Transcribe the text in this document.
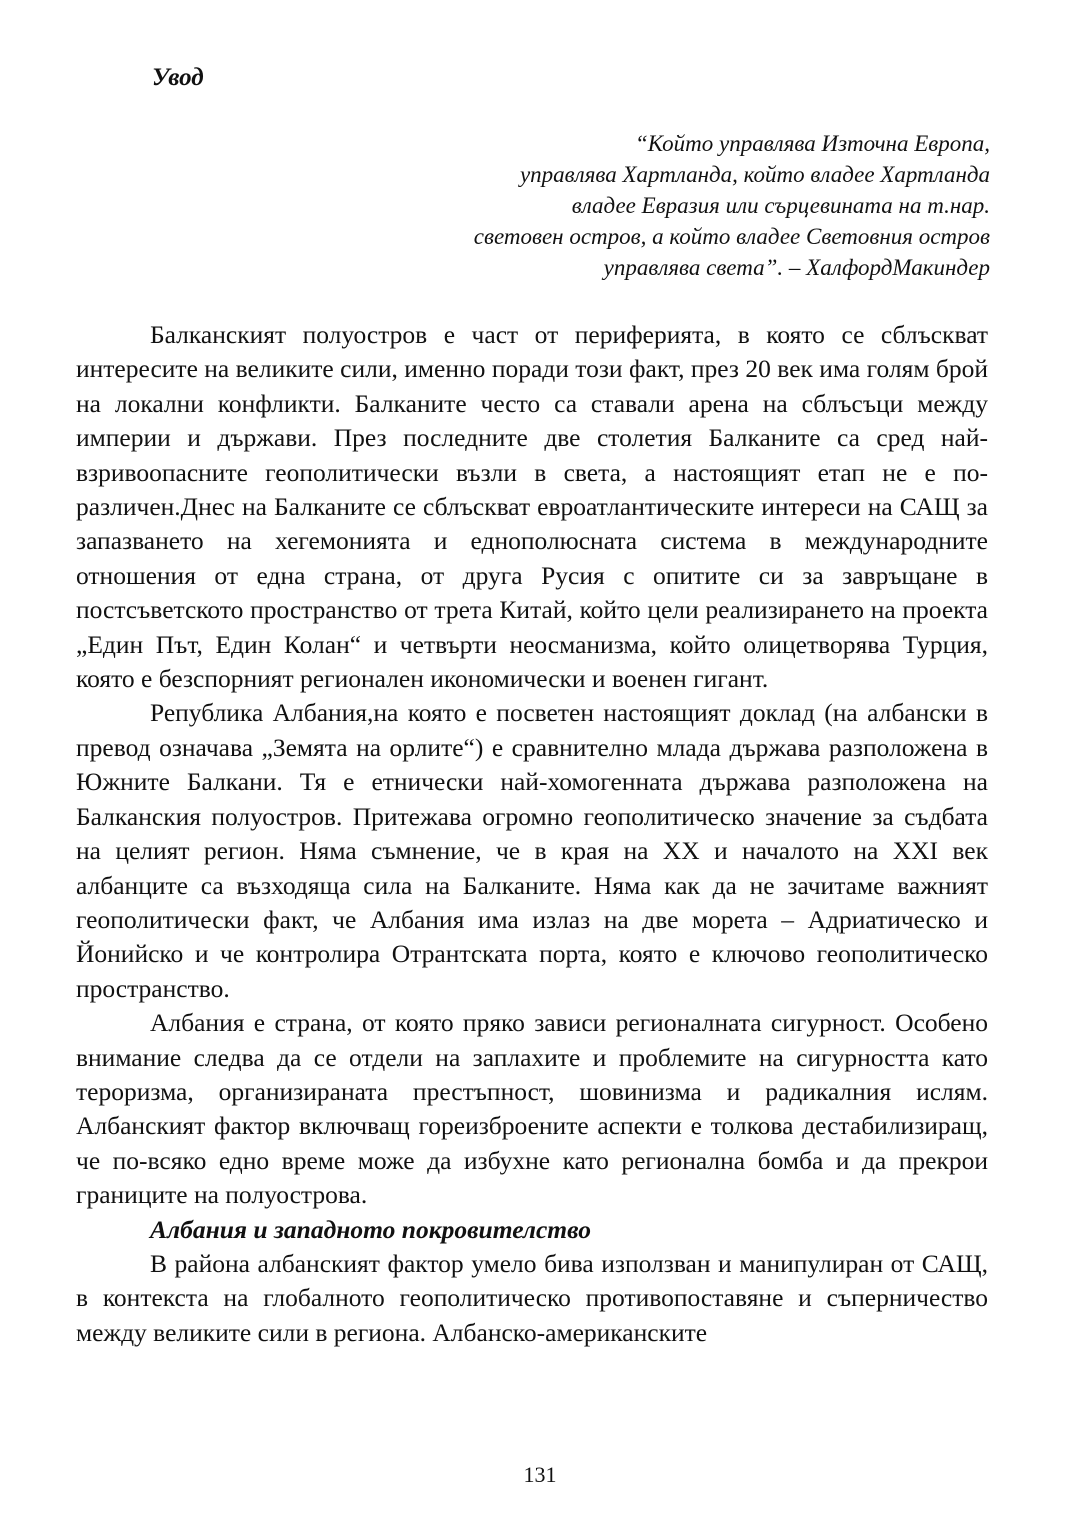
Увод
“Който управлява Източна Европа,
управлява Хартланда, който владее Хартланда
владее Евразия или сърцевината на т.нар.
световен остров, а който владее Световния остров
управлява света”. – ХалфордМакиндер

Балканският полуостров е част от периферията, в която се сблъскват интересите на великите сили, именно поради този факт, през 20 век има голям брой на локални конфликти. Балканите често са ставали арена на сблъсъци между империи и държави. През последните две столетия Балканите са сред най-взривоопасните геополитически възли в света, а настоящият етап не е по-различен.Днес на Балканите се сблъскват евроатлантическите интереси на САЩ за запазването на хегемонията и еднополюсната система в международните отношения от една страна, от друга Русия с опитите си за завръщане в постсъветското пространство от трета Китай, който цели реализирането на проекта „Един Път, Един Колан“ и четвърти неосманизма, който олицетворява Турция, която е безспорният регионален икономически и военен гигант.

Република Албания,на която е посветен настоящият доклад (на албански в превод означава „Земята на орлите“) е сравнително млада държава разположена в Южните Балкани. Тя е етнически най-хомогенната държава разположена на Балканския полуостров. Притежава огромно геополитическо значение за съдбата на целият регион. Няма съмнение, че в края на XX и началото на XXI век албанците са възходяща сила на Балканите. Няма как да не зачитаме важният геополитически факт, че Албания има излаз на две морета – Адриатическо и Йонийско и че контролира Отрантската порта, която е ключово геополитическо пространство.

Албания е страна, от която пряко зависи регионалната сигурност. Особено внимание следва да се отдели на заплахите и проблемите на сигурността като тероризма, организираната престъпност, шовинизма и радикалния ислям. Албанският фактор включващ гореизброените аспекти е толкова дестабилизиращ, че по-всяко едно време може да избухне като регионална бомба и да прекрои границите на полуострова.

Албания и западното покровителство

В района албанският фактор умело бива използван и манипулиран от САЩ, в контекста на глобалното геополитическо противопоставяне и съперничество между великите сили в региона. Албанско-американските

131
